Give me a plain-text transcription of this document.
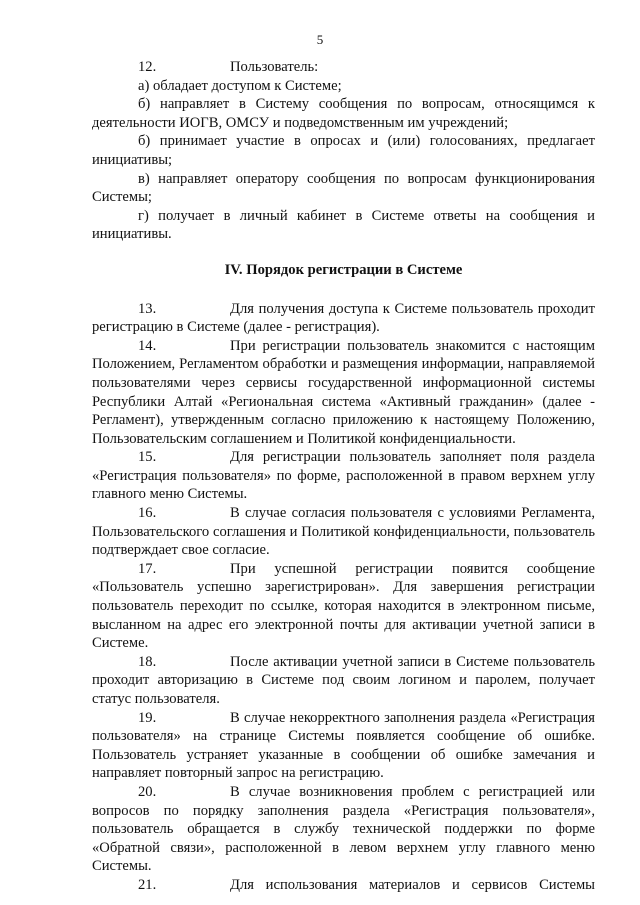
5

12.	Пользователь:

а) обладает доступом к Системе;

б) направляет в Систему сообщения по вопросам, относящимся к деятельности ИОГВ, ОМСУ и подведомственным им учреждений;

б) принимает участие в опросах и (или) голосованиях, предлагает инициативы;

в) направляет оператору сообщения по вопросам функционирования Системы;

г) получает в личный кабинет в Системе ответы на сообщения и инициативы.

IV. Порядок регистрации в Системе

13.	Для получения доступа к Системе пользователь проходит регистрацию в Системе (далее - регистрация).

14.	При регистрации пользователь знакомится с настоящим Положением, Регламентом обработки и размещения информации, направляемой пользователями через сервисы государственной информационной системы Республики Алтай «Региональная система «Активный гражданин» (далее - Регламент), утвержденным согласно приложению к настоящему Положению, Пользовательским соглашением и Политикой конфиденциальности.

15.	Для регистрации пользователь заполняет поля раздела «Регистрация пользователя» по форме, расположенной в правом верхнем углу главного меню Системы.

16.	В случае согласия пользователя с условиями Регламента, Пользовательского соглашения и Политикой конфиденциальности, пользователь подтверждает свое согласие.

17.	При успешной регистрации появится сообщение «Пользователь успешно зарегистрирован». Для завершения регистрации пользователь переходит по ссылке, которая находится в электронном письме, высланном на адрес его электронной почты для активации учетной записи в Системе.

18.	После активации учетной записи в Системе пользователь проходит авторизацию в Системе под своим логином и паролем, получает статус пользователя.

19.	В случае некорректного заполнения раздела «Регистрация пользователя» на странице Системы появляется сообщение об ошибке. Пользователь устраняет указанные в сообщении об ошибке замечания и направляет повторный запрос на регистрацию.

20.	В случае возникновения проблем с регистрацией или вопросов по порядку заполнения раздела «Регистрация пользователя», пользователь обращается в службу технической поддержки по форме «Обратной связи», расположенной в левом верхнем углу главного меню Системы.

21.	Для использования материалов и сервисов Системы
